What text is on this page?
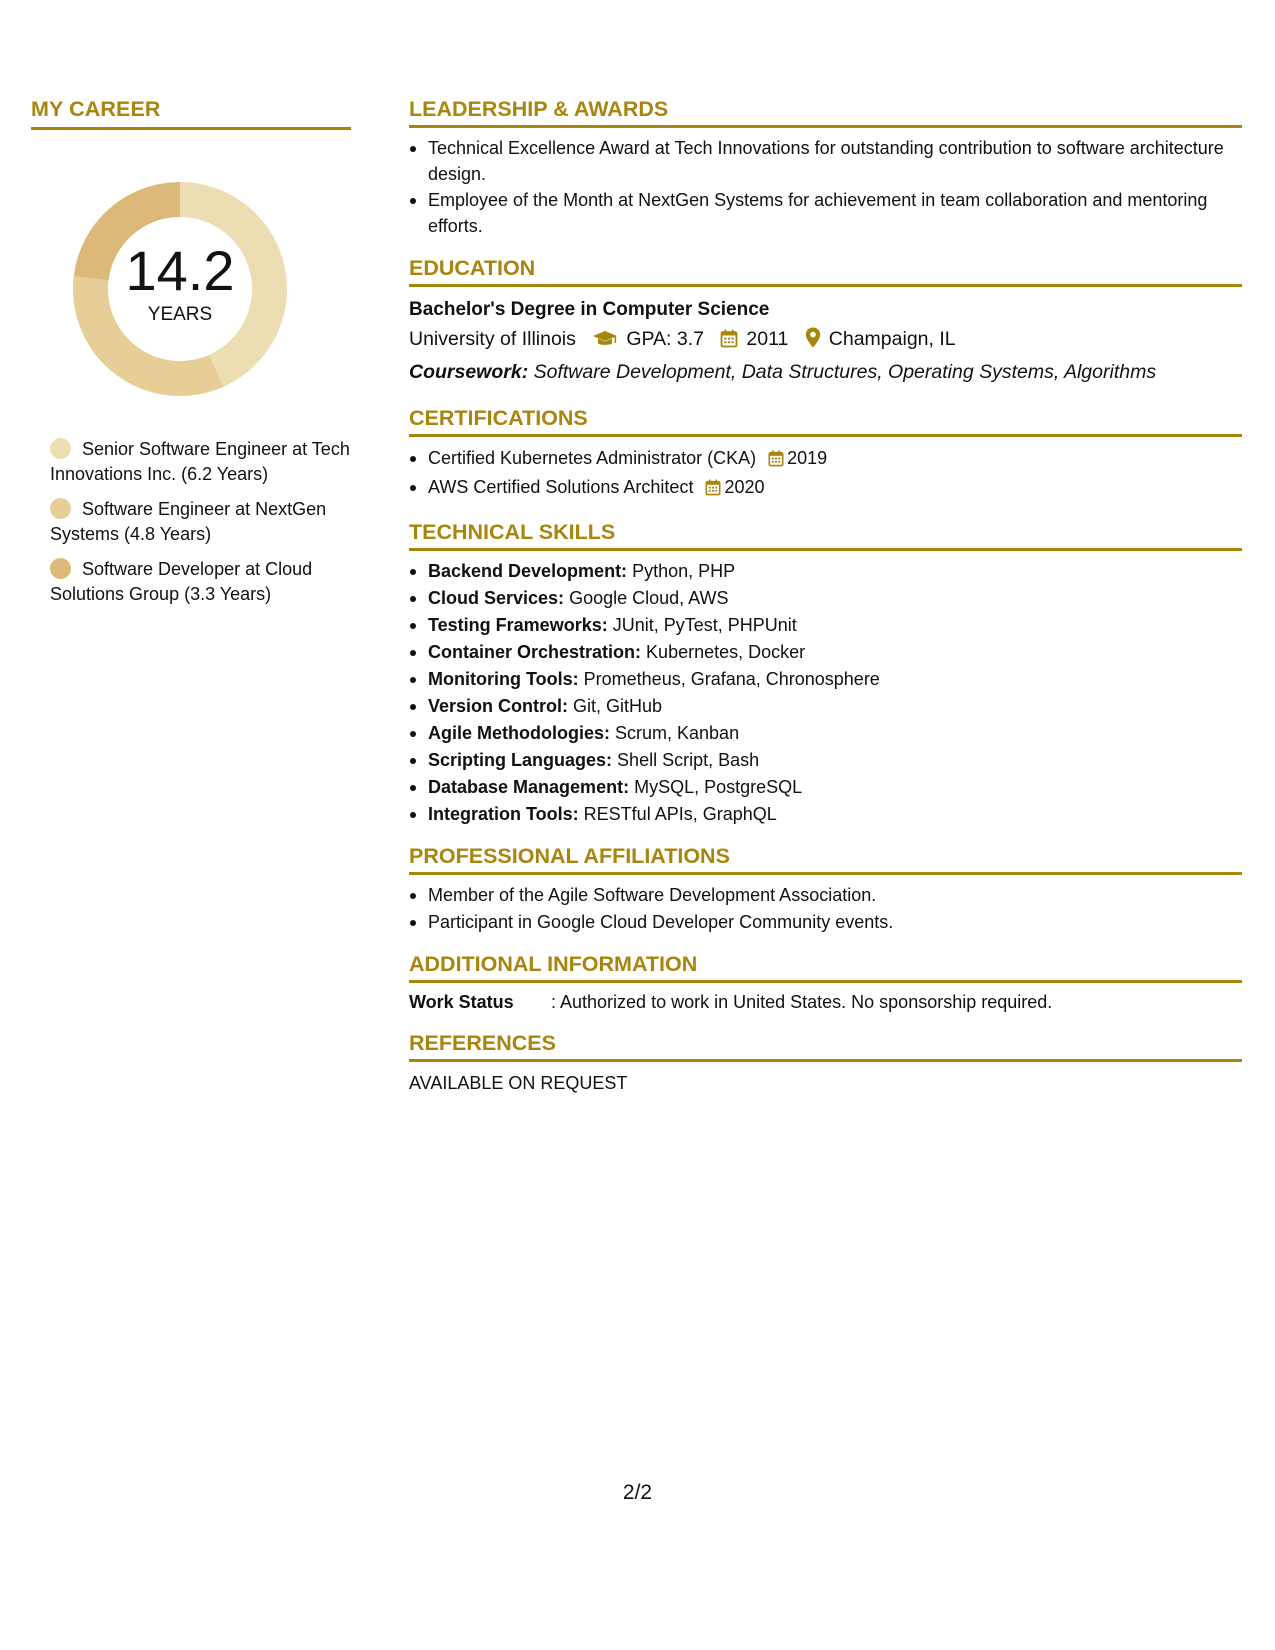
MY CAREER
14.2
YEARS
Senior Software Engineer at Tech Innovations Inc. (6.2 Years)
Software Engineer at NextGen Systems (4.8 Years)
Software Developer at Cloud Solutions Group (3.3 Years)
LEADERSHIP & AWARDS
Technical Excellence Award at Tech Innovations for outstanding contribution to software architecture design.
Employee of the Month at NextGen Systems for achievement in team collaboration and mentoring efforts.
EDUCATION
Bachelor's Degree in Computer Science
University of Illinois	GPA: 3.7 2011 Champaign, IL
Coursework: Software Development, Data Structures, Operating Systems, Algorithms
CERTIFICATIONS
Certified Kubernetes Administrator (CKA) 2019
AWS Certified Solutions Architect 2020
TECHNICAL SKILLS
Backend Development: Python, PHP
Cloud Services: Google Cloud, AWS
Testing Frameworks: JUnit, PyTest, PHPUnit
Container Orchestration: Kubernetes, Docker
Monitoring Tools: Prometheus, Grafana, Chronosphere
Version Control: Git, GitHub
Agile Methodologies: Scrum, Kanban
Scripting Languages: Shell Script, Bash
Database Management: MySQL, PostgreSQL
Integration Tools: RESTful APIs, GraphQL
PROFESSIONAL AFFILIATIONS
Member of the Agile Software Development Association.
Participant in Google Cloud Developer Community events.
ADDITIONAL INFORMATION
Work Status	: Authorized to work in United States. No sponsorship required.
REFERENCES
AVAILABLE ON REQUEST
2/2
